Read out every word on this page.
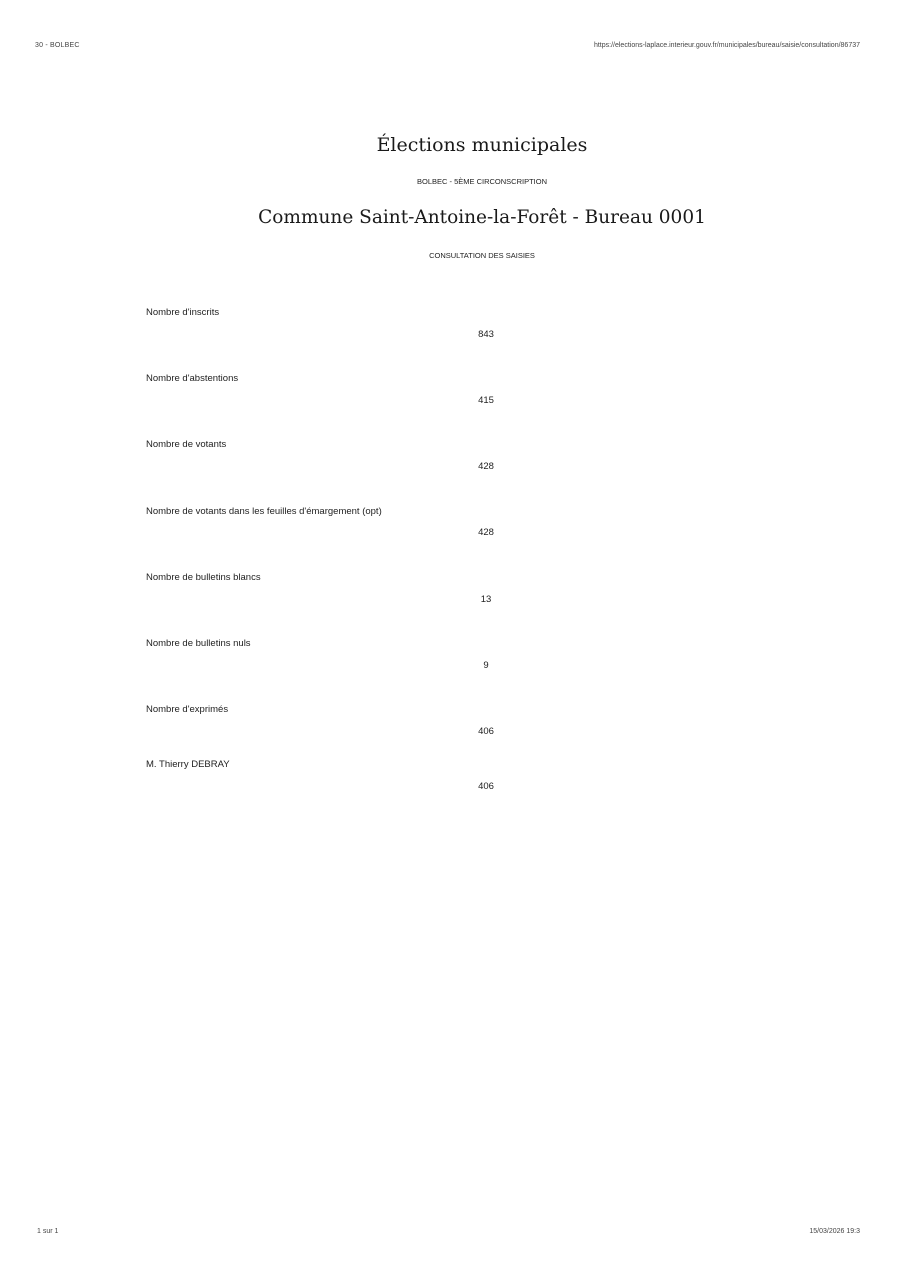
30 - BOLBEC	https://elections-laplace.interieur.gouv.fr/municipales/bureau/saisie/consultation/86737
Élections municipales
BOLBEC - 5ÈME CIRCONSCRIPTION
Commune Saint-Antoine-la-Forêt - Bureau 0001
CONSULTATION DES SAISIES
Nombre d'inscrits
843
Nombre d'abstentions
415
Nombre de votants
428
Nombre de votants dans les feuilles d'émargement (opt)
428
Nombre de bulletins blancs
13
Nombre de bulletins nuls
9
Nombre d'exprimés
406
M. Thierry DEBRAY
406
1 sur 1	15/03/2026 19:3
